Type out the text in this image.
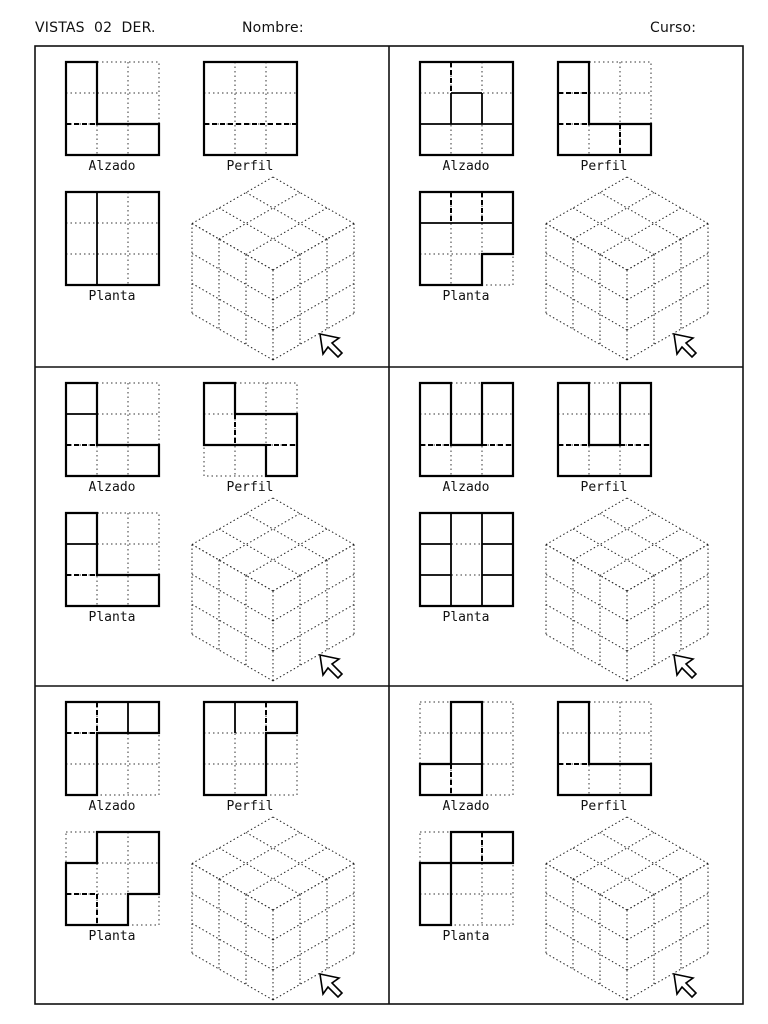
VISTAS  02  DER.	Nombre:	Curso:
Alzado	Perfil
Planta
Alzado	Perfil
Planta
Alzado	Perfil
Planta
Alzado	Perfil
Planta
Alzado	Perfil
Planta
Alzado	Perfil
Planta
